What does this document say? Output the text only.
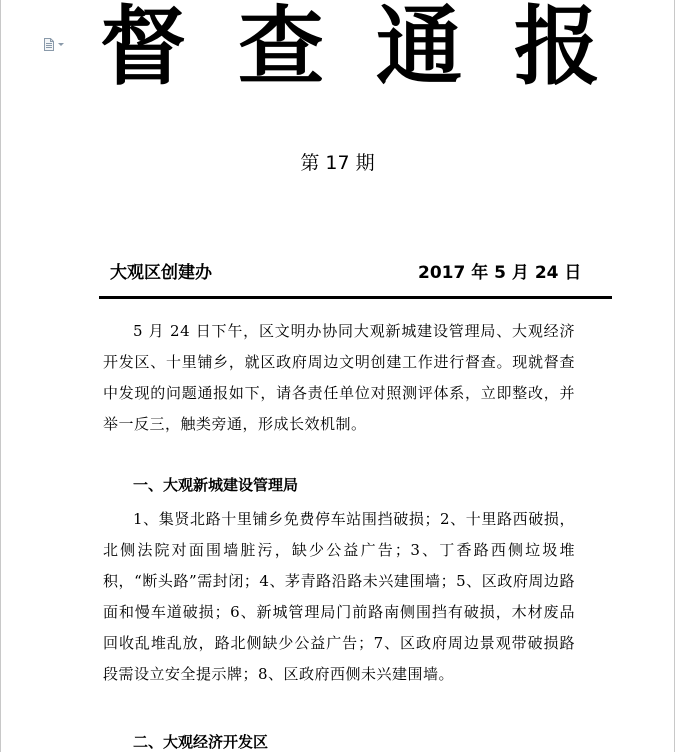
督 查 通 报
第 17 期
大观区创建办	2017 年 5 月 24 日

5 月 24 日下午，区文明办协同大观新城建设管理局、大观经济开发区、十里铺乡，就区政府周边文明创建工作进行督查。现就督查中发现的问题通报如下，请各责任单位对照测评体系，立即整改，并举一反三，触类旁通，形成长效机制。

一、大观新城建设管理局

1、集贤北路十里铺乡免费停车站围挡破损；2、十里路西破损，北侧法院对面围墙脏污，缺少公益广告；3、丁香路西侧垃圾堆积，“断头路”需封闭；4、茅青路沿路未兴建围墙；5、区政府周边路面和慢车道破损；6、新城管理局门前路南侧围挡有破损，木材废品回收乱堆乱放，路北侧缺少公益广告；7、区政府周边景观带破损路段需设立安全提示牌；8、区政府西侧未兴建围墙。

二、大观经济开发区
